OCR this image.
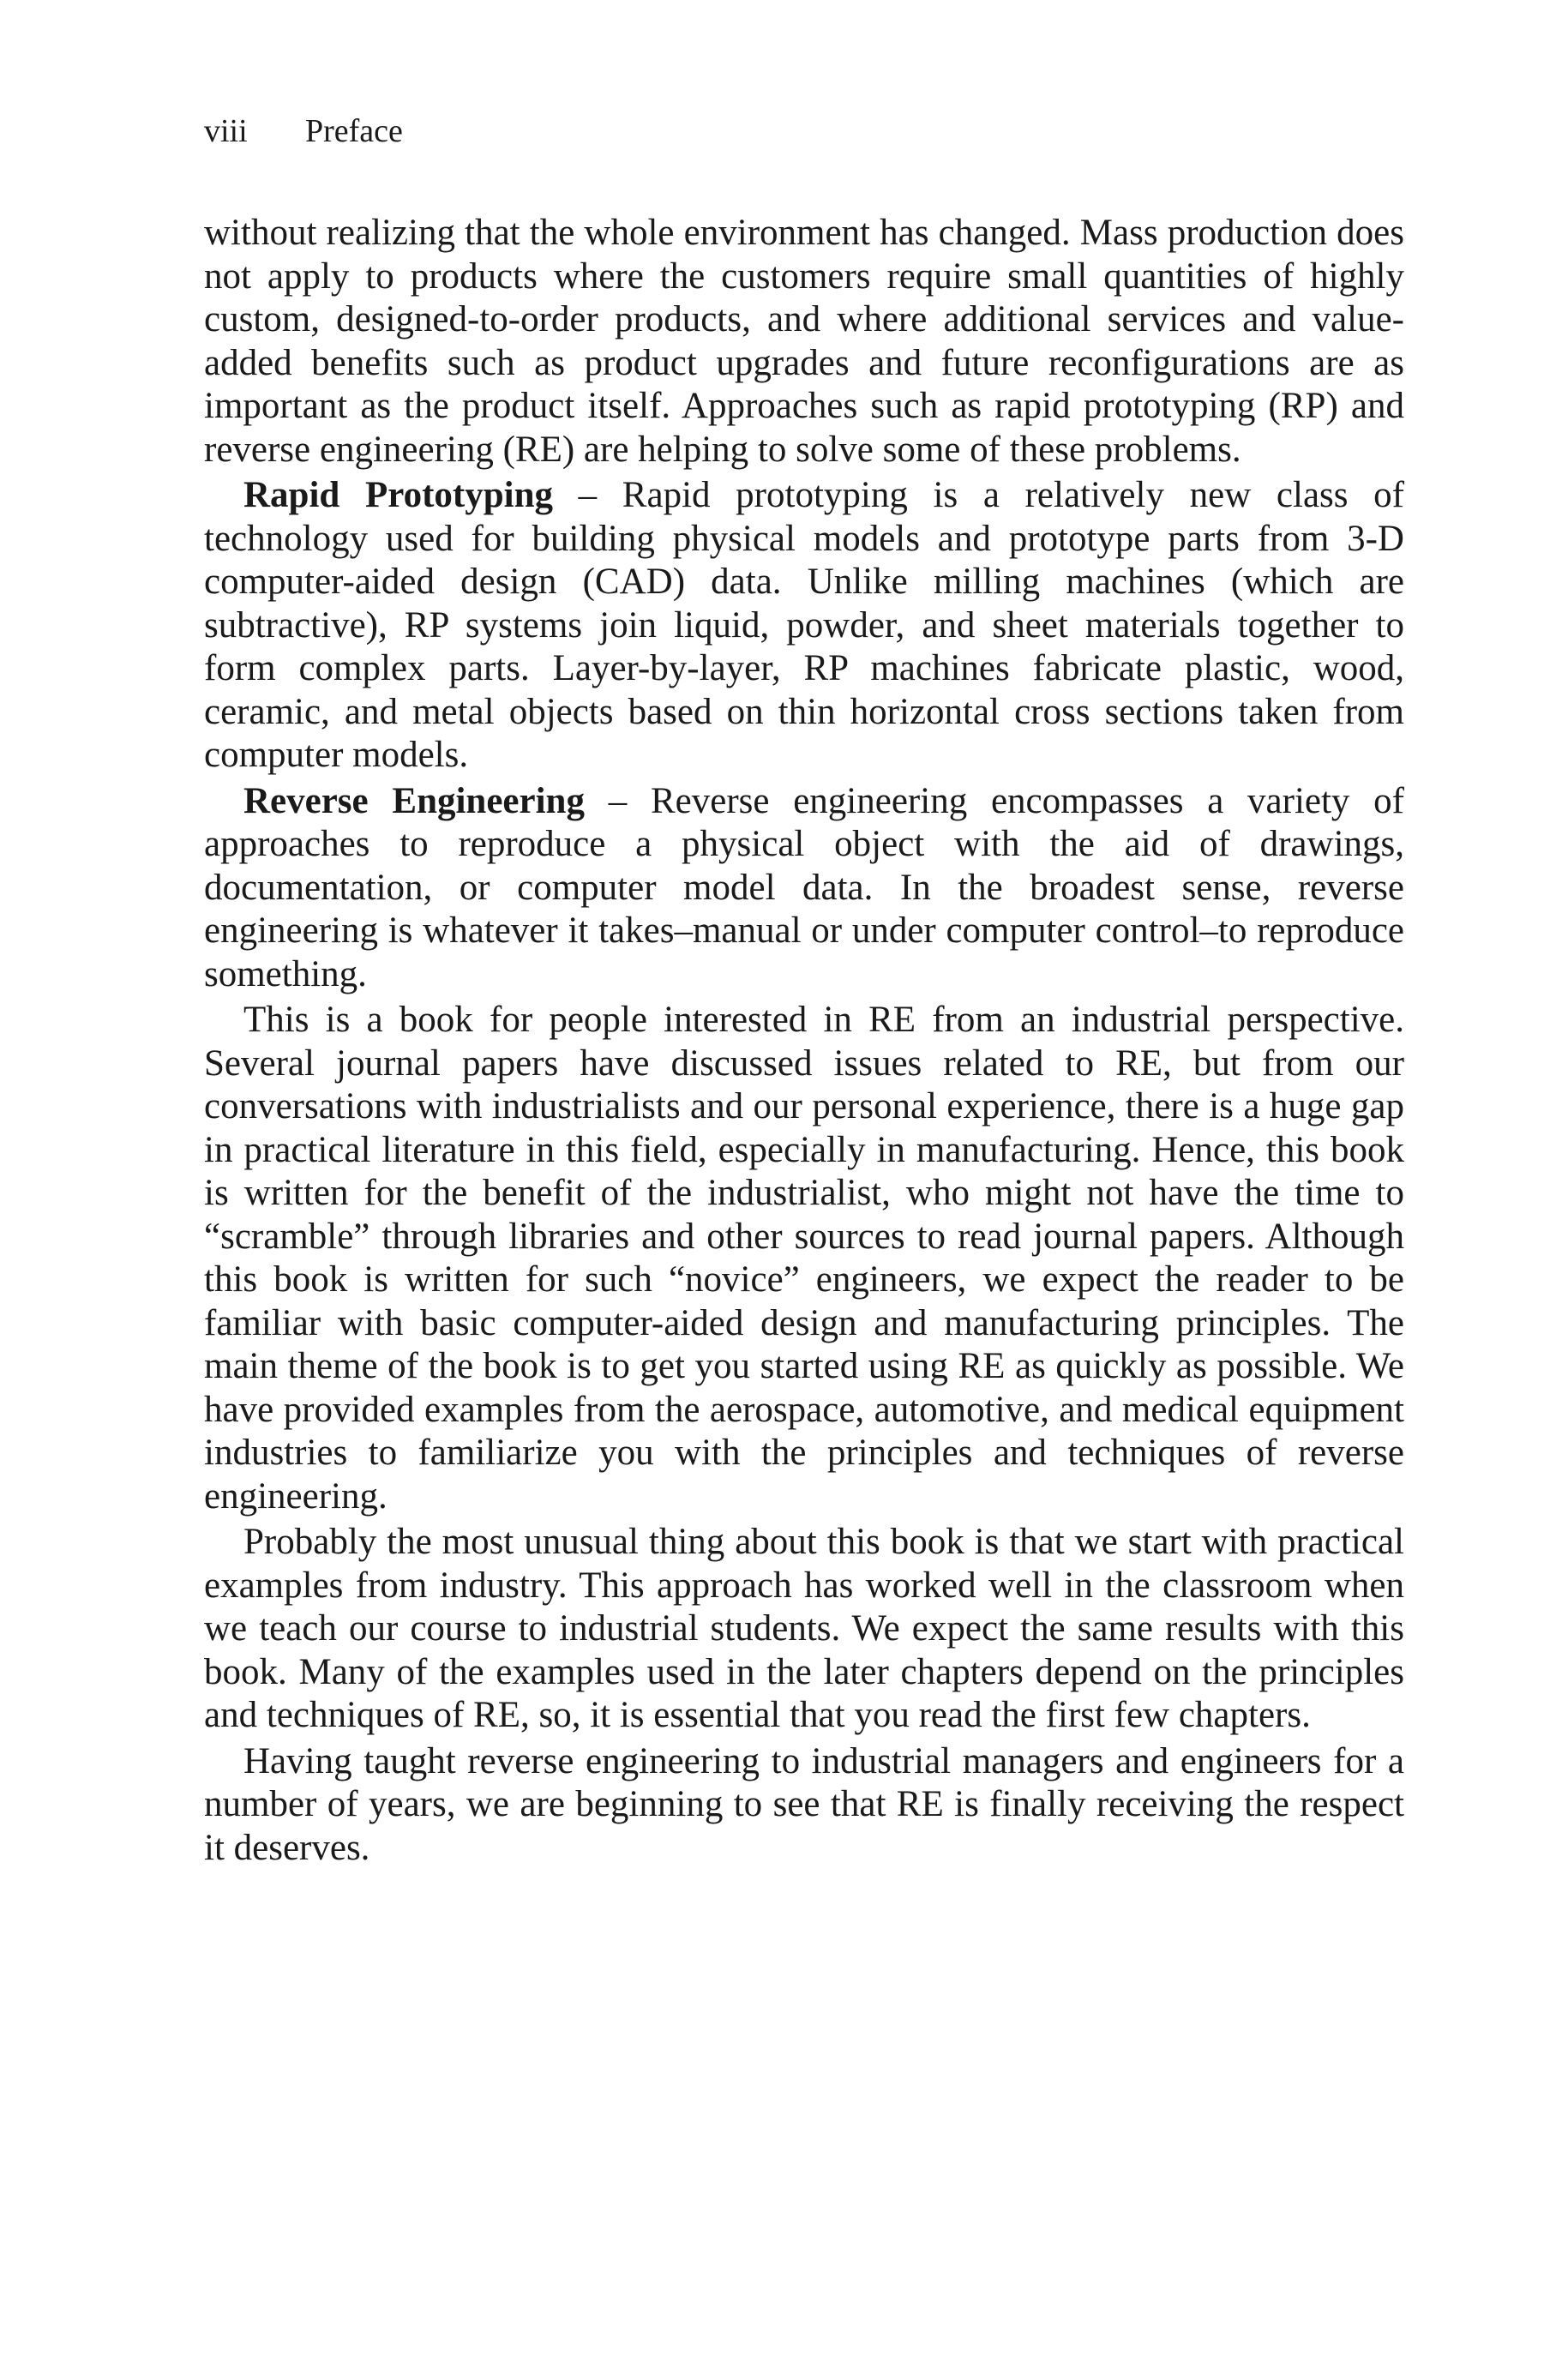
viii Preface

without realizing that the whole environment has changed. Mass production does not apply to products where the customers require small quantities of highly custom, designed-to-order products, and where additional services and value-added benefits such as product upgrades and future reconfigurations are as important as the product itself. Approaches such as rapid prototyping (RP) and reverse engineering (RE) are helping to solve some of these problems.

Rapid Prototyping – Rapid prototyping is a relatively new class of technology used for building physical models and prototype parts from 3-D computer-aided design (CAD) data. Unlike milling machines (which are subtractive), RP systems join liquid, powder, and sheet materials together to form complex parts. Layer-by-layer, RP machines fabricate plastic, wood, ceramic, and metal objects based on thin horizontal cross sections taken from computer models.

Reverse Engineering – Reverse engineering encompasses a variety of approaches to reproduce a physical object with the aid of drawings, documentation, or computer model data. In the broadest sense, reverse engineering is whatever it takes–manual or under computer control–to reproduce something.

This is a book for people interested in RE from an industrial perspective. Several journal papers have discussed issues related to RE, but from our conversations with industrialists and our personal experience, there is a huge gap in practical literature in this field, especially in manufacturing. Hence, this book is written for the benefit of the industrialist, who might not have the time to “scramble” through libraries and other sources to read journal papers. Although this book is written for such “novice” engineers, we expect the reader to be familiar with basic computer-aided design and manufacturing principles. The main theme of the book is to get you started using RE as quickly as possible. We have provided examples from the aerospace, automotive, and medical equipment industries to familiarize you with the principles and techniques of reverse engineering.

Probably the most unusual thing about this book is that we start with practical examples from industry. This approach has worked well in the classroom when we teach our course to industrial students. We expect the same results with this book. Many of the examples used in the later chapters depend on the principles and techniques of RE, so, it is essential that you read the first few chapters.

Having taught reverse engineering to industrial managers and engineers for a number of years, we are beginning to see that RE is finally receiving the respect it deserves.
